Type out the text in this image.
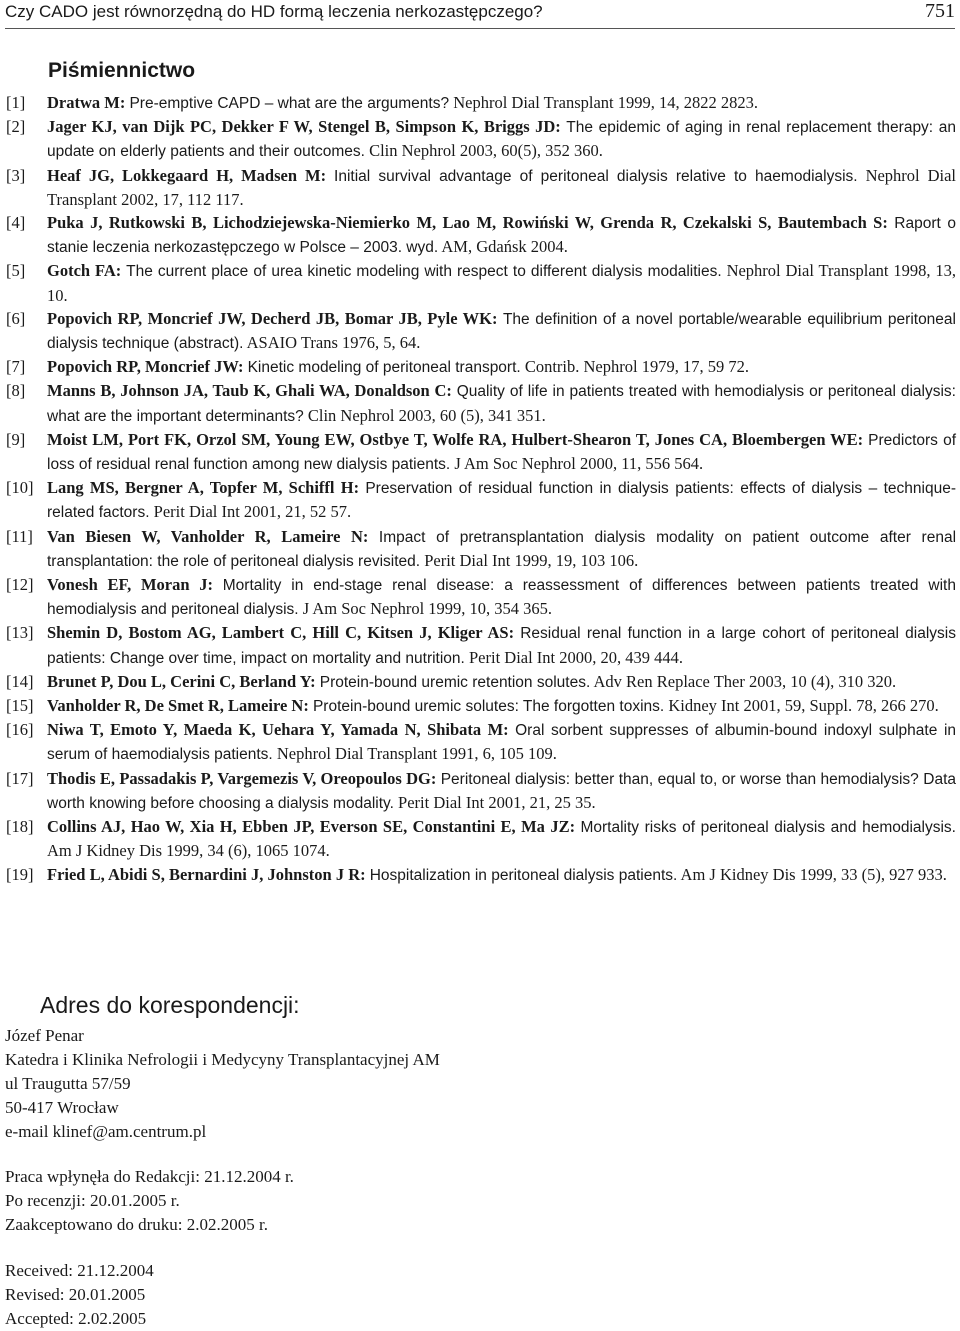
Czy CADO jest równorzędną do HD formą leczenia nerkozastępczego?	751
Piśmiennictwo
[1] Dratwa M: Pre-emptive CAPD – what are the arguments? Nephrol Dial Transplant 1999, 14, 2822 2823.
[2] Jager KJ, van Dijk PC, Dekker F W, Stengel B, Simpson K, Briggs JD: The epidemic of aging in renal replacement therapy: an update on elderly patients and their outcomes. Clin Nephrol 2003, 60(5), 352 360.
[3] Heaf JG, Lokkegaard H, Madsen M: Initial survival advantage of peritoneal dialysis relative to haemodialysis. Nephrol Dial Transplant 2002, 17, 112 117.
[4] Puka J, Rutkowski B, Lichodziejewska-Niemierko M, Lao M, Rowiński W, Grenda R, Czekalski S, Bautembach S: Raport o stanie leczenia nerkozastępczego w Polsce – 2003. wyd. AM, Gdańsk 2004.
[5] Gotch FA: The current place of urea kinetic modeling with respect to different dialysis modalities. Nephrol Dial Transplant 1998, 13, 10.
[6] Popovich RP, Moncrief JW, Decherd JB, Bomar JB, Pyle WK: The definition of a novel portable/wearable equilibrium peritoneal dialysis technique (abstract). ASAIO Trans 1976, 5, 64.
[7] Popovich RP, Moncrief JW: Kinetic modeling of peritoneal transport. Contrib. Nephrol 1979, 17, 59 72.
[8] Manns B, Johnson JA, Taub K, Ghali WA, Donaldson C: Quality of life in patients treated with hemodialysis or peritoneal dialysis: what are the important determinants? Clin Nephrol 2003, 60 (5), 341 351.
[9] Moist LM, Port FK, Orzol SM, Young EW, Ostbye T, Wolfe RA, Hulbert-Shearon T, Jones CA, Bloembergen WE: Predictors of loss of residual renal function among new dialysis patients. J Am Soc Nephrol 2000, 11, 556 564.
[10] Lang MS, Bergner A, Topfer M, Schiffl H: Preservation of residual function in dialysis patients: effects of dialysis – technique-related factors. Perit Dial Int 2001, 21, 52 57.
[11] Van Biesen W, Vanholder R, Lameire N: Impact of pretransplantation dialysis modality on patient outcome after renal transplantation: the role of peritoneal dialysis revisited. Perit Dial Int 1999, 19, 103 106.
[12] Vonesh EF, Moran J: Mortality in end-stage renal disease: a reassessment of differences between patients treated with hemodialysis and peritoneal dialysis. J Am Soc Nephrol 1999, 10, 354 365.
[13] Shemin D, Bostom AG, Lambert C, Hill C, Kitsen J, Kliger AS: Residual renal function in a large cohort of peritoneal dialysis patients: Change over time, impact on mortality and nutrition. Perit Dial Int 2000, 20, 439 444.
[14] Brunet P, Dou L, Cerini C, Berland Y: Protein-bound uremic retention solutes. Adv Ren Replace Ther 2003, 10 (4), 310 320.
[15] Vanholder R, De Smet R, Lameire N: Protein-bound uremic solutes: The forgotten toxins. Kidney Int 2001, 59, Suppl. 78, 266 270.
[16] Niwa T, Emoto Y, Maeda K, Uehara Y, Yamada N, Shibata M: Oral sorbent suppresses of albumin-bound indoxyl sulphate in serum of haemodialysis patients. Nephrol Dial Transplant 1991, 6, 105 109.
[17] Thodis E, Passadakis P, Vargemezis V, Oreopoulos DG: Peritoneal dialysis: better than, equal to, or worse than hemodialysis? Data worth knowing before choosing a dialysis modality. Perit Dial Int 2001, 21, 25 35.
[18] Collins AJ, Hao W, Xia H, Ebben JP, Everson SE, Constantini E, Ma JZ: Mortality risks of peritoneal dialysis and hemodialysis. Am J Kidney Dis 1999, 34 (6), 1065 1074.
[19] Fried L, Abidi S, Bernardini J, Johnston J R: Hospitalization in peritoneal dialysis patients. Am J Kidney Dis 1999, 33 (5), 927 933.
Adres do korespondencji:
Józef Penar
Katedra i Klinika Nefrologii i Medycyny Transplantacyjnej AM
ul Traugutta 57/59
50-417 Wrocław
e-mail klinef@am.centrum.pl
Praca wpłynęła do Redakcji: 21.12.2004 r.
Po recenzji: 20.01.2005 r.
Zaakceptowano do druku: 2.02.2005 r.
Received: 21.12.2004
Revised: 20.01.2005
Accepted: 2.02.2005
